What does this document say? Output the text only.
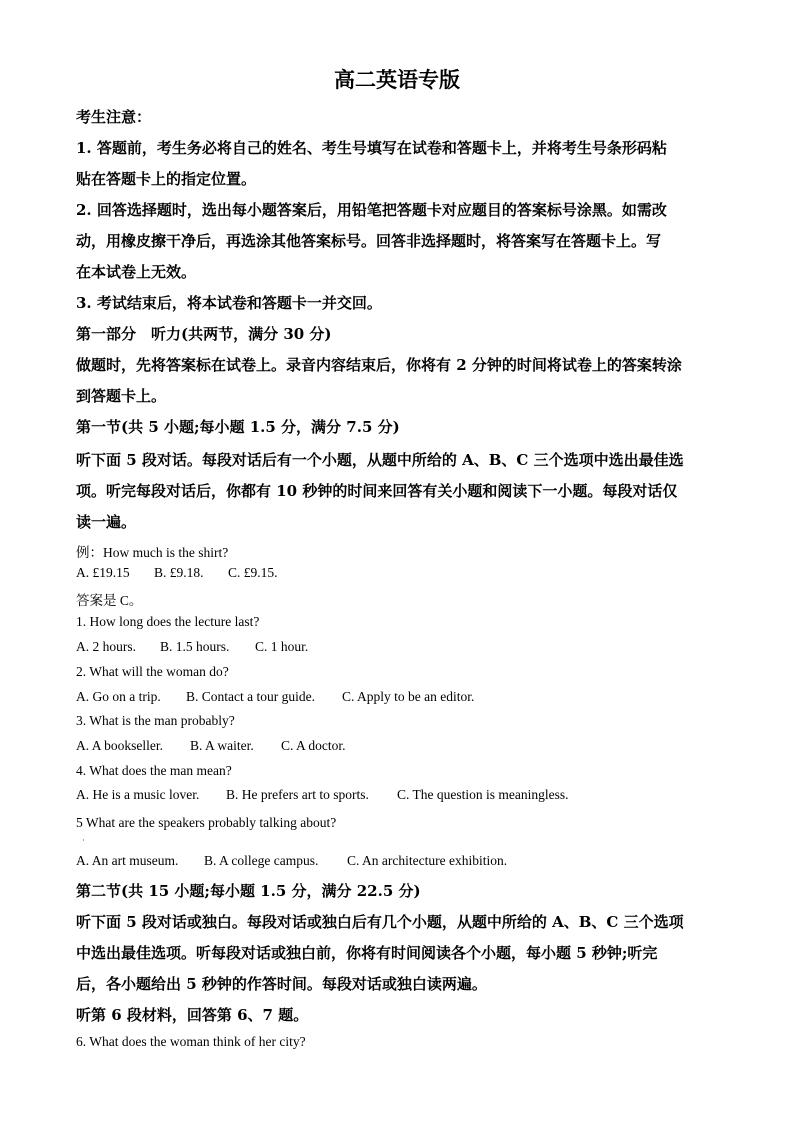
高二英语专版
考生注意：
1. 答题前，考生务必将自己的姓名、考生号填写在试卷和答题卡上，并将考生号条形码粘
贴在答题卡上的指定位置。
2. 回答选择题时，选出每小题答案后，用铅笔把答题卡对应题目的答案标号涂黑。如需改
动，用橡皮擦干净后，再选涂其他答案标号。回答非选择题时，将答案写在答题卡上。写
在本试卷上无效。
3. 考试结束后，将本试卷和答题卡一并交回。
第一部分　听力(共两节，满分 30 分)
做题时，先将答案标在试卷上。录音内容结束后，你将有 2 分钟的时间将试卷上的答案转涂
到答题卡上。
第一节(共 5 小题;每小题 1.5 分，满分 7.5 分)
听下面 5 段对话。每段对话后有一个小题，从题中所给的 A、B、C 三个选项中选出最佳选
项。听完每段对话后，你都有 10 秒钟的时间来回答有关小题和阅读下一小题。每段对话仅
读一遍。
例：How much is the shirt?
A. £19.15 B. £9.18. C. £9.15.
答案是 C。
1. How long does the lecture last?
A. 2 hours. B. 1.5 hours. C. 1 hour.
2. What will the woman do?
A. Go on a trip. B. Contact a tour guide. C. Apply to be an editor.
3. What is the man probably?
A. A bookseller. B. A waiter. C. A doctor.
4. What does the man mean?
A. He is a music lover. B. He prefers art to sports. C. The question is meaningless.
5 What are the speakers probably talking about?
·
A. An art museum. B. A college campus. C. An architecture exhibition.
第二节(共 15 小题;每小题 1.5 分，满分 22.5 分)
听下面 5 段对话或独白。每段对话或独白后有几个小题，从题中所给的 A、B、C 三个选项
中选出最佳选项。听每段对话或独白前，你将有时间阅读各个小题，每小题 5 秒钟;听完
后，各小题给出 5 秒钟的作答时间。每段对话或独白读两遍。
听第 6 段材料，回答第 6、7 题。
6. What does the woman think of her city?
